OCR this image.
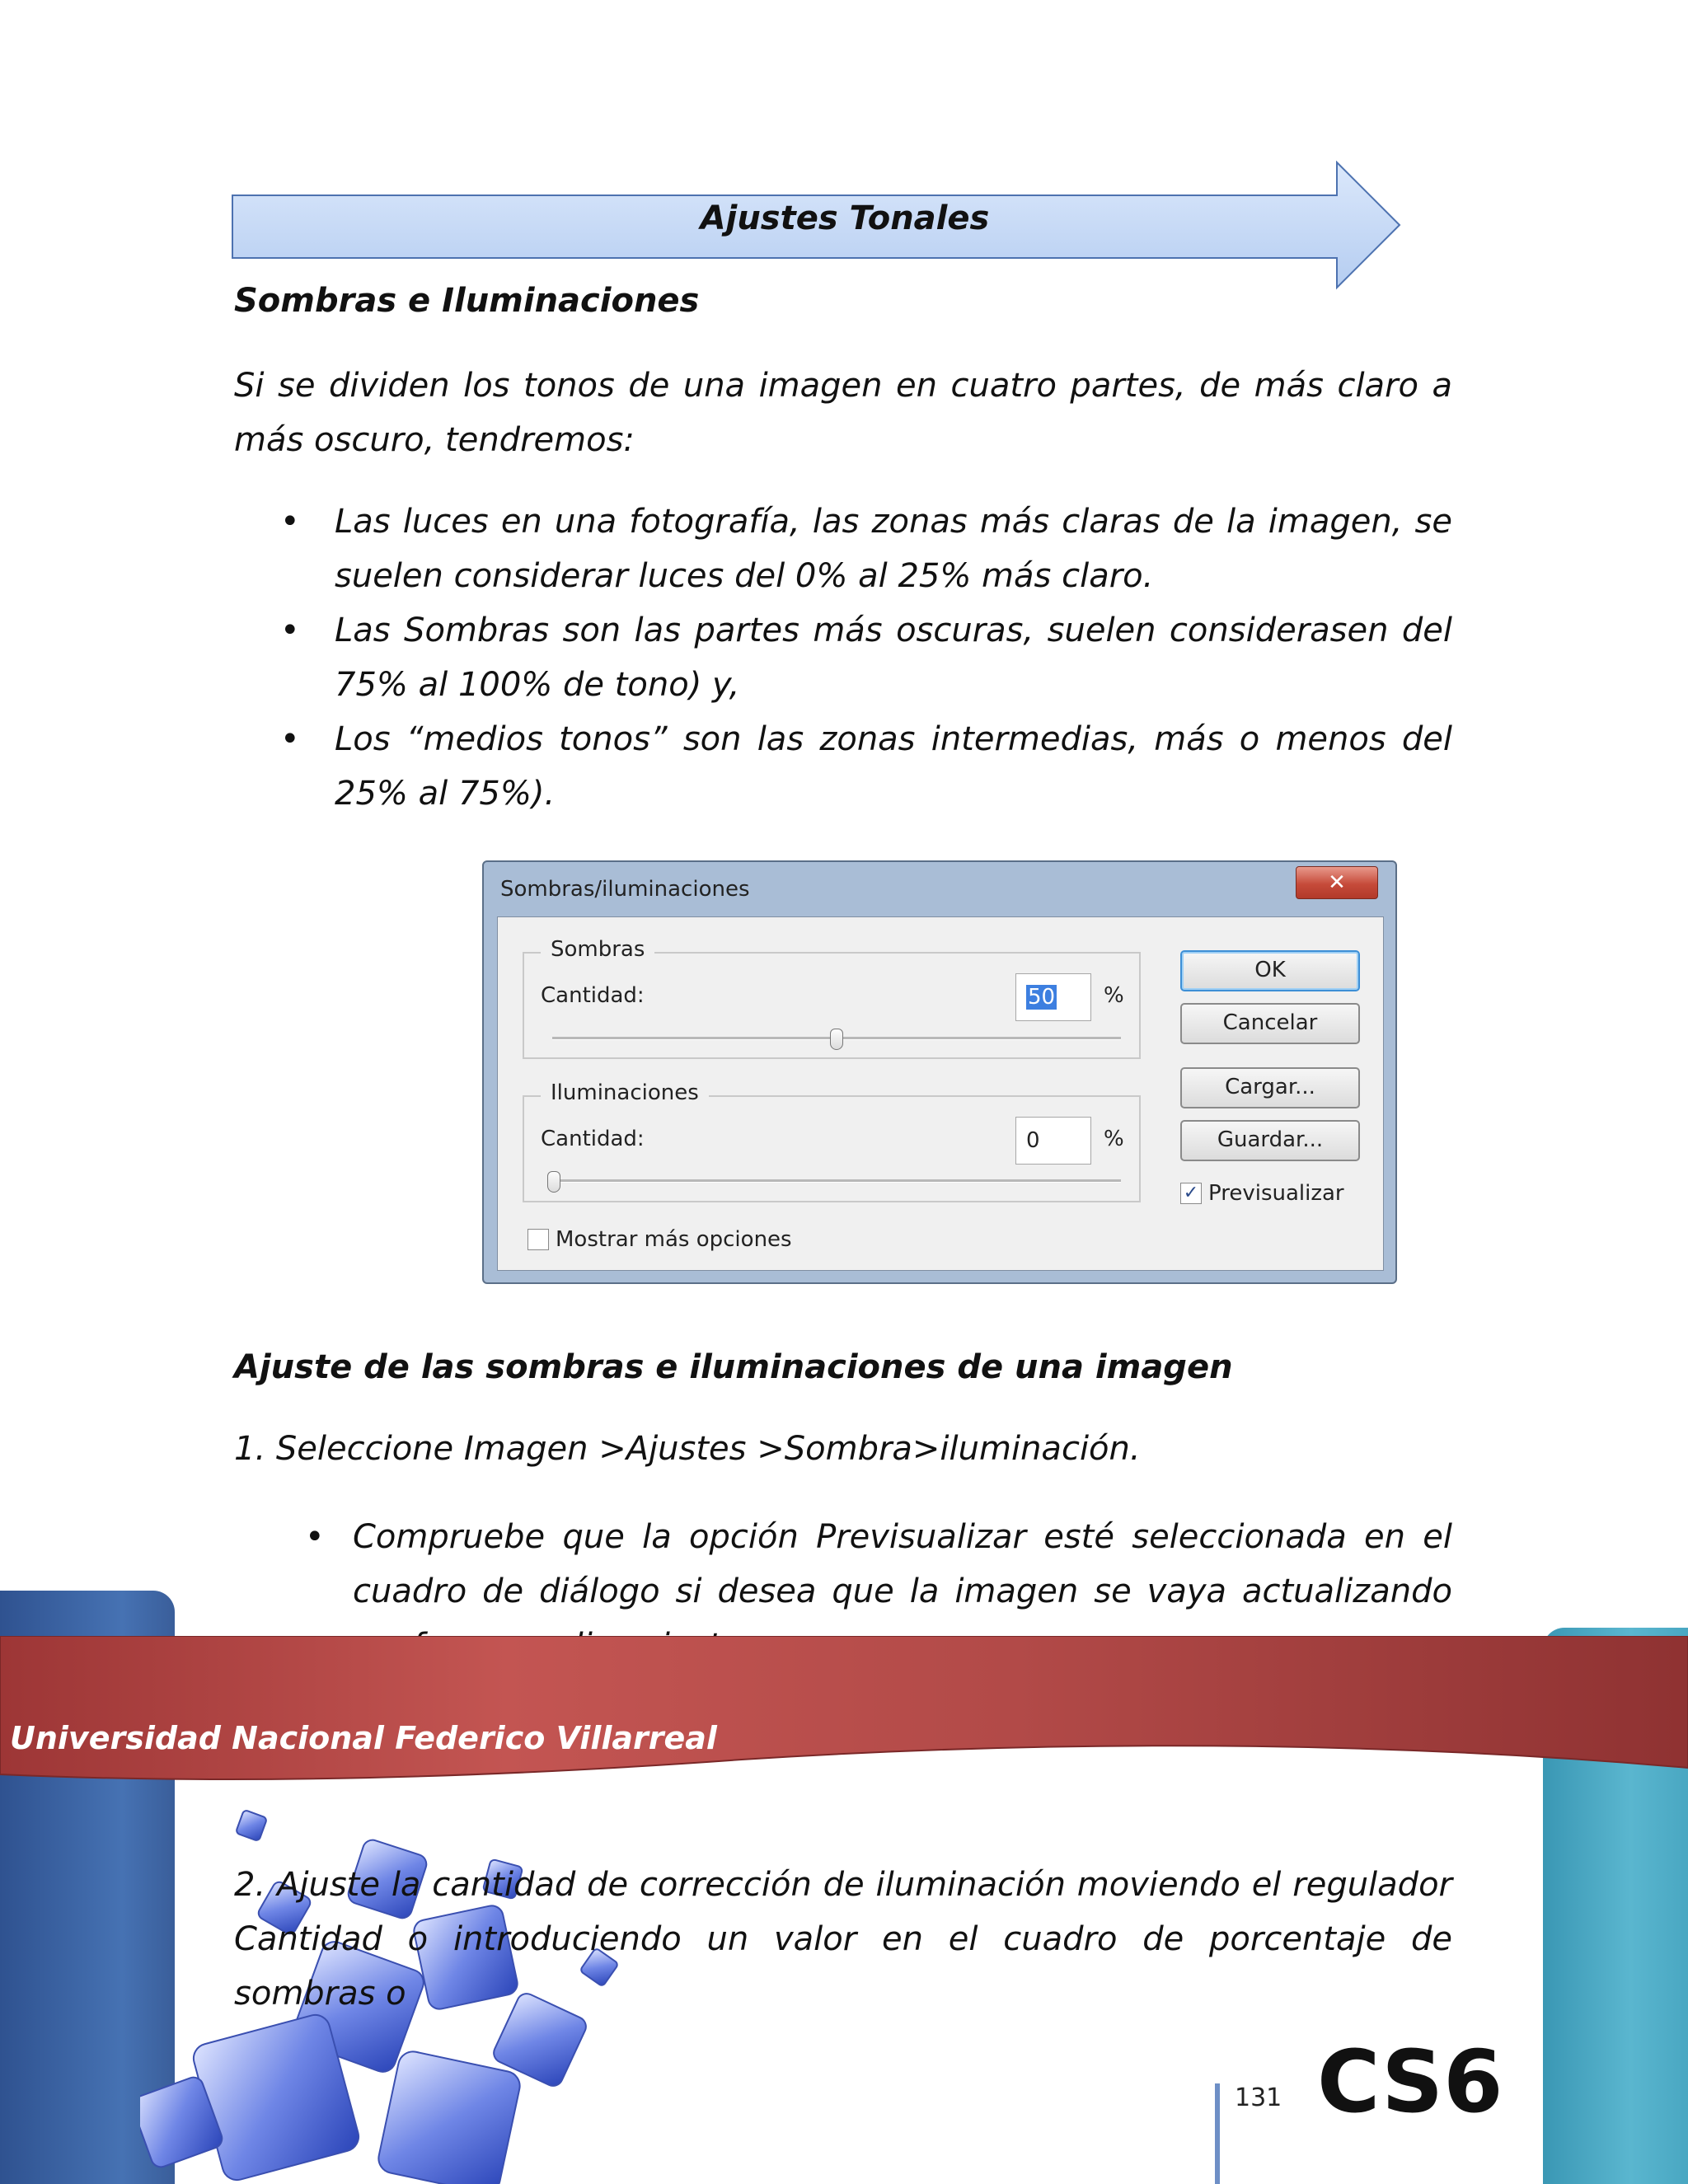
Ajustes Tonales
Sombras e Iluminaciones
Si se dividen los tonos de una imagen en cuatro partes, de más claro a más oscuro, tendremos:
•	Las luces en una fotografía, las zonas más claras de la imagen, se suelen considerar luces del 0% al 25% más claro.
•	Las Sombras son las partes más oscuras, suelen considerasen del 75% al 100% de tono) y,
•	Los “medios tonos” son las zonas intermedias, más o menos del 25% al 75%).
Sombras/iluminaciones	✕
Sombras
Cantidad:	50	%
Iluminaciones
Cantidad:	0	%
Mostrar más opciones
OK
Cancelar
Cargar...
Guardar...
✓ Previsualizar
Ajuste de las sombras e iluminaciones de una imagen
1. Seleccione Imagen >Ajustes >Sombra>iluminación.
• Compruebe que la opción Previsualizar esté seleccionada en el cuadro de diálogo si desea que la imagen se vaya actualizando
Universidad Nacional Federico Villarreal
2. Ajuste la cantidad de corrección de iluminación moviendo el regulador Cantidad o introduciendo un valor en el cuadro de porcentaje de sombras o
131 CS6
